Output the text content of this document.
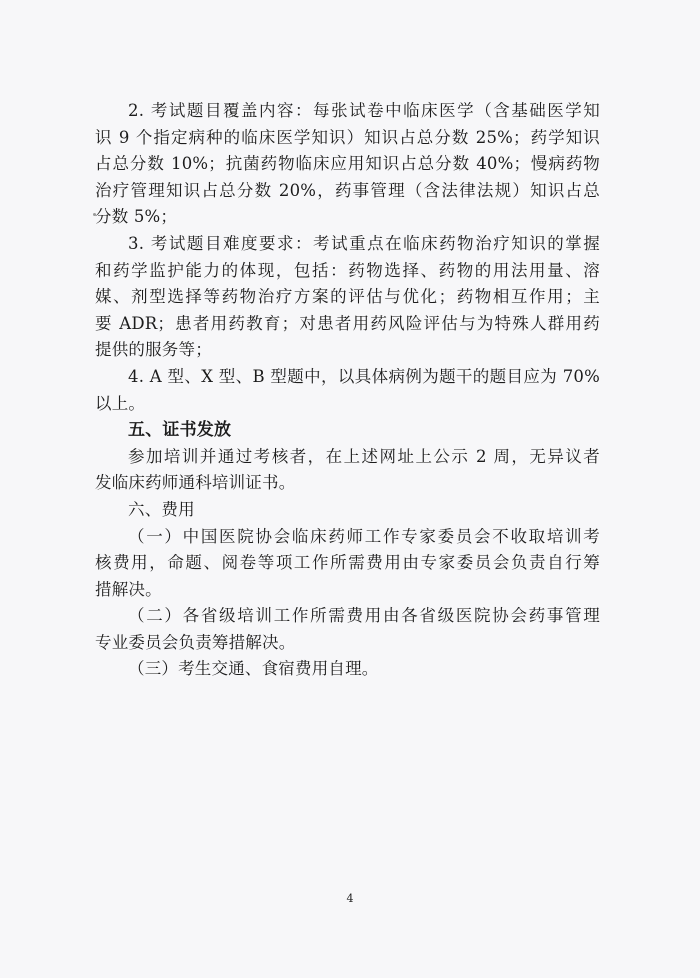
2. 考试题目覆盖内容：每张试卷中临床医学（含基础医学知
识 9 个指定病种的临床医学知识）知识占总分数 25%；药学知识
占总分数 10%；抗菌药物临床应用知识占总分数 40%；慢病药物
治疗管理知识占总分数 20%，药事管理（含法律法规）知识占总
分数 5%；
3. 考试题目难度要求：考试重点在临床药物治疗知识的掌握
和药学监护能力的体现，包括：药物选择、药物的用法用量、溶
媒、剂型选择等药物治疗方案的评估与优化；药物相互作用；主
要 ADR；患者用药教育；对患者用药风险评估与为特殊人群用药
提供的服务等；
4. A 型、X 型、B 型题中，以具体病例为题干的题目应为 70%
以上。
五、证书发放
参加培训并通过考核者，在上述网址上公示 2 周，无异议者
发临床药师通科培训证书。
六、费用
（一）中国医院协会临床药师工作专家委员会不收取培训考
核费用，命题、阅卷等项工作所需费用由专家委员会负责自行筹
措解决。
（二）各省级培训工作所需费用由各省级医院协会药事管理
专业委员会负责筹措解决。
（三）考生交通、食宿费用自理。
4
